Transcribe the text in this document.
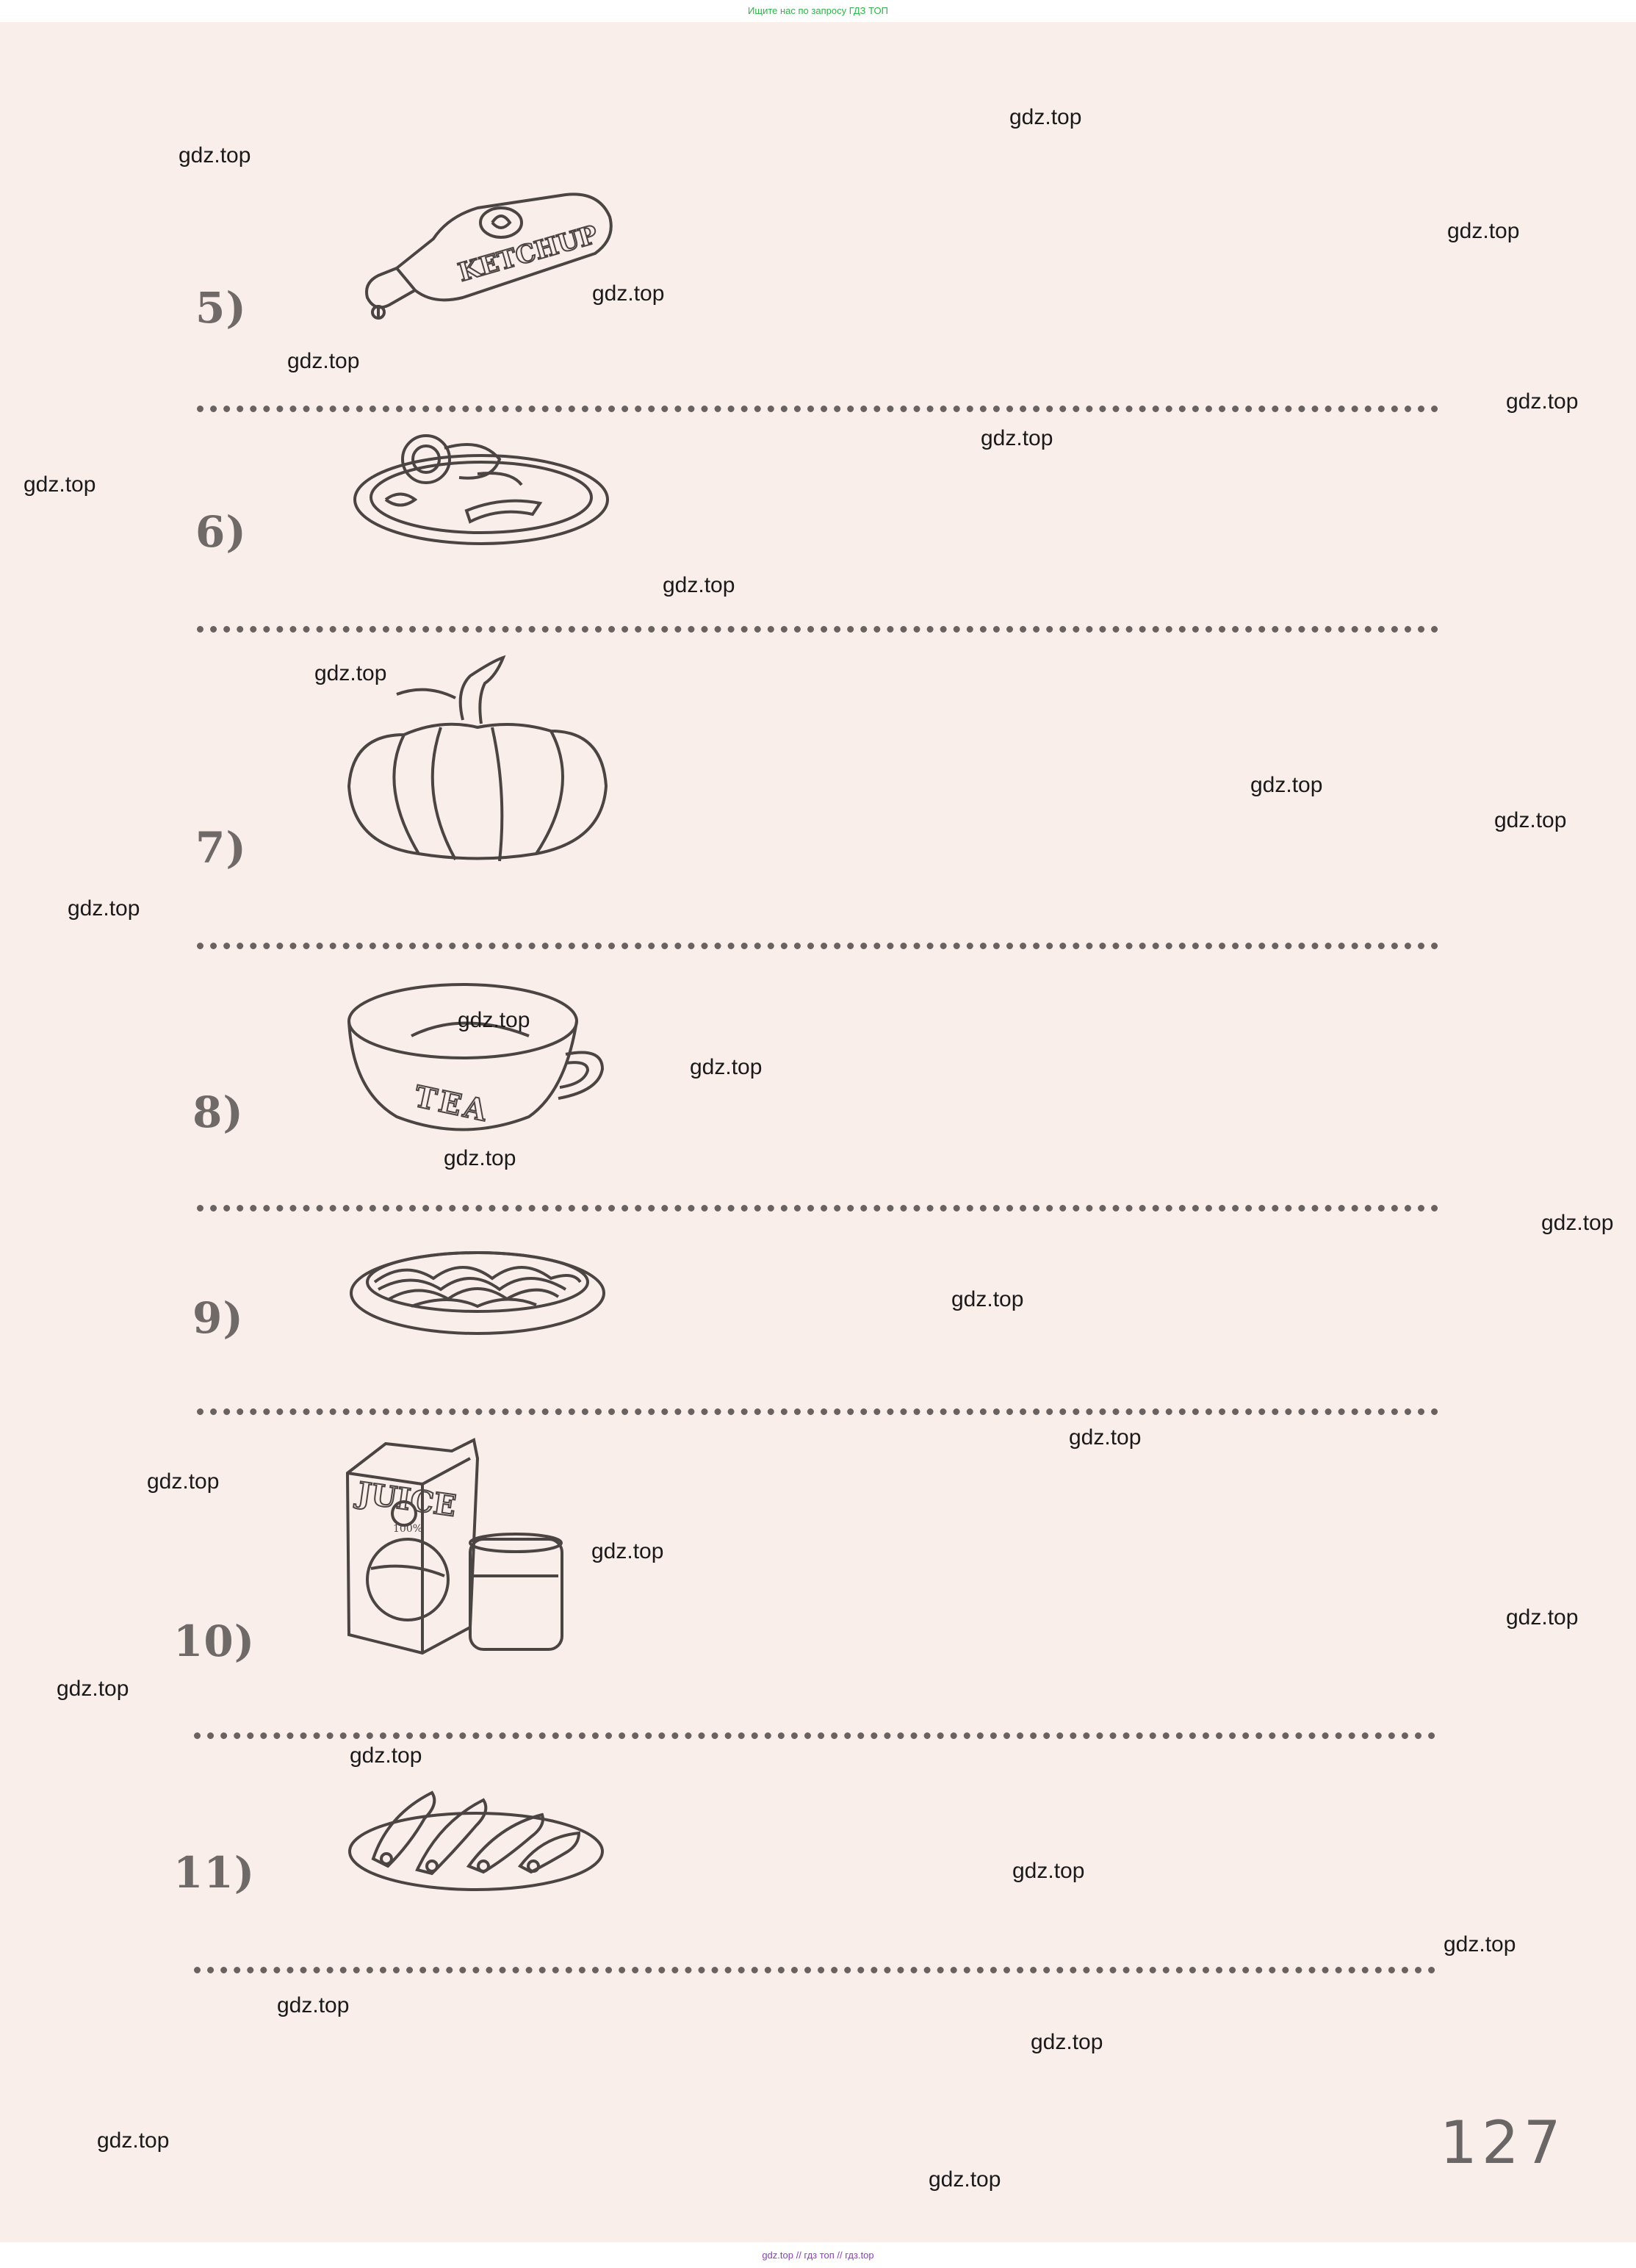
Ищите нас по запросу ГДЗ ТОП
KETCHUP
5)
6)
7)
TEA
8)
9)
JUICE
100%
10)
11)
127
gdz.top
gdz.top
gdz.top
gdz.top
gdz.top
gdz.top
gdz.top
gdz.top
gdz.top
gdz.top
gdz.top
gdz.top
gdz.top
gdz.top
gdz.top
gdz.top
gdz.top
gdz.top
gdz.top
gdz.top
gdz.top
gdz.top
gdz.top
gdz.top
gdz.top
gdz.top
gdz.top
gdz.top
gdz.top
gdz.top
gdz.top // гдз топ // гдз.top
